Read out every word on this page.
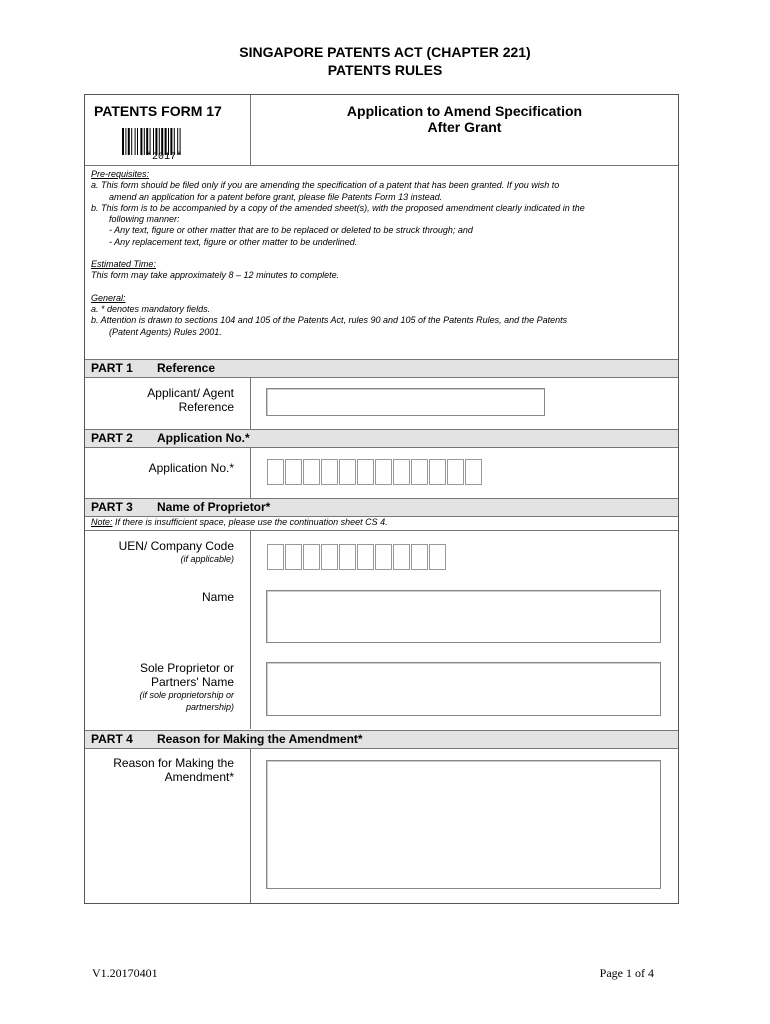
SINGAPORE PATENTS ACT (CHAPTER 221)
PATENTS RULES
PATENTS FORM 17
*2017*
Application to Amend Specification
After Grant
Pre-requisites:
a. This form should be filed only if you are amending the specification of a patent that has been granted. If you wish to
amend an application for a patent before grant, please file Patents Form 13 instead.
b. This form is to be accompanied by a copy of the amended sheet(s), with the proposed amendment clearly indicated in the
following manner:
- Any text, figure or other matter that are to be replaced or deleted to be struck through; and
- Any replacement text, figure or other matter to be underlined.
Estimated Time:
This form may take approximately 8 – 12 minutes to complete.
General:
a. * denotes mandatory fields.
b. Attention is drawn to sections 104 and 105 of the Patents Act, rules 90 and 105 of the Patents Rules, and the Patents
(Patent Agents) Rules 2001.
PART 1 Reference
Applicant/ Agent
Reference
PART 2 Application No.*
Application No.*
PART 3 Name of Proprietor*
Note: If there is insufficient space, please use the continuation sheet CS 4.
UEN/ Company Code
(if applicable)
Name
Sole Proprietor or
Partners' Name
(if sole proprietorship or
partnership)
PART 4 Reason for Making the Amendment*
Reason for Making the
Amendment*
V1.20170401	Page 1 of 4
